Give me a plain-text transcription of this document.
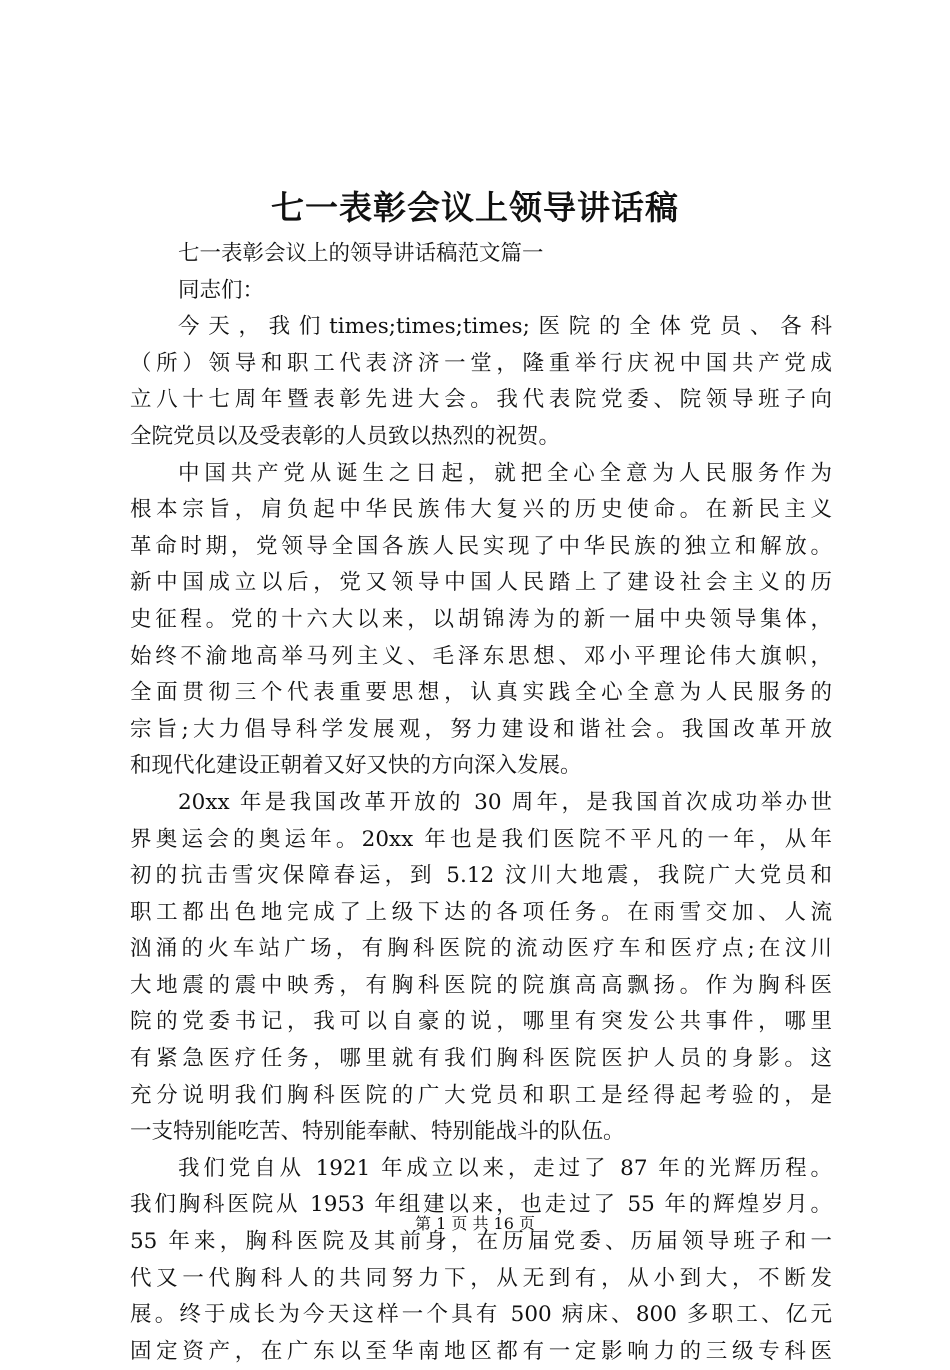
七一表彰会议上领导讲话稿
七一表彰会议上的领导讲话稿范文篇一
同志们：
今天，我们times;times;times;医院的全体党员、各科
（所）领导和职工代表济济一堂，隆重举行庆祝中国共产党成
立八十七周年暨表彰先进大会。我代表院党委、院领导班子向
全院党员以及受表彰的人员致以热烈的祝贺。
中国共产党从诞生之日起，就把全心全意为人民服务作为
根本宗旨，肩负起中华民族伟大复兴的历史使命。在新民主义
革命时期，党领导全国各族人民实现了中华民族的独立和解放。
新中国成立以后，党又领导中国人民踏上了建设社会主义的历
史征程。党的十六大以来，以胡锦涛为的新一届中央领导集体，
始终不渝地高举马列主义、毛泽东思想、邓小平理论伟大旗帜，
全面贯彻三个代表重要思想，认真实践全心全意为人民服务的
宗旨;大力倡导科学发展观，努力建设和谐社会。我国改革开放
和现代化建设正朝着又好又快的方向深入发展。
20xx 年是我国改革开放的 30 周年，是我国首次成功举办世
界奥运会的奥运年。20xx 年也是我们医院不平凡的一年，从年
初的抗击雪灾保障春运，到 5.12 汶川大地震，我院广大党员和
职工都出色地完成了上级下达的各项任务。在雨雪交加、人流
汹涌的火车站广场，有胸科医院的流动医疗车和医疗点;在汶川
大地震的震中映秀，有胸科医院的院旗高高飘扬。作为胸科医
院的党委书记，我可以自豪的说，哪里有突发公共事件，哪里
有紧急医疗任务，哪里就有我们胸科医院医护人员的身影。这
充分说明我们胸科医院的广大党员和职工是经得起考验的，是
一支特别能吃苦、特别能奉献、特别能战斗的队伍。
我们党自从 1921 年成立以来，走过了 87 年的光辉历程。
我们胸科医院从 1953 年组建以来，也走过了 55 年的辉煌岁月。
55 年来，胸科医院及其前身，在历届党委、历届领导班子和一
代又一代胸科人的共同努力下，从无到有，从小到大，不断发
展。终于成长为今天这样一个具有 500 病床、800 多职工、亿元
固定资产，在广东以至华南地区都有一定影响力的三级专科医
第 1 页 共 16 页
